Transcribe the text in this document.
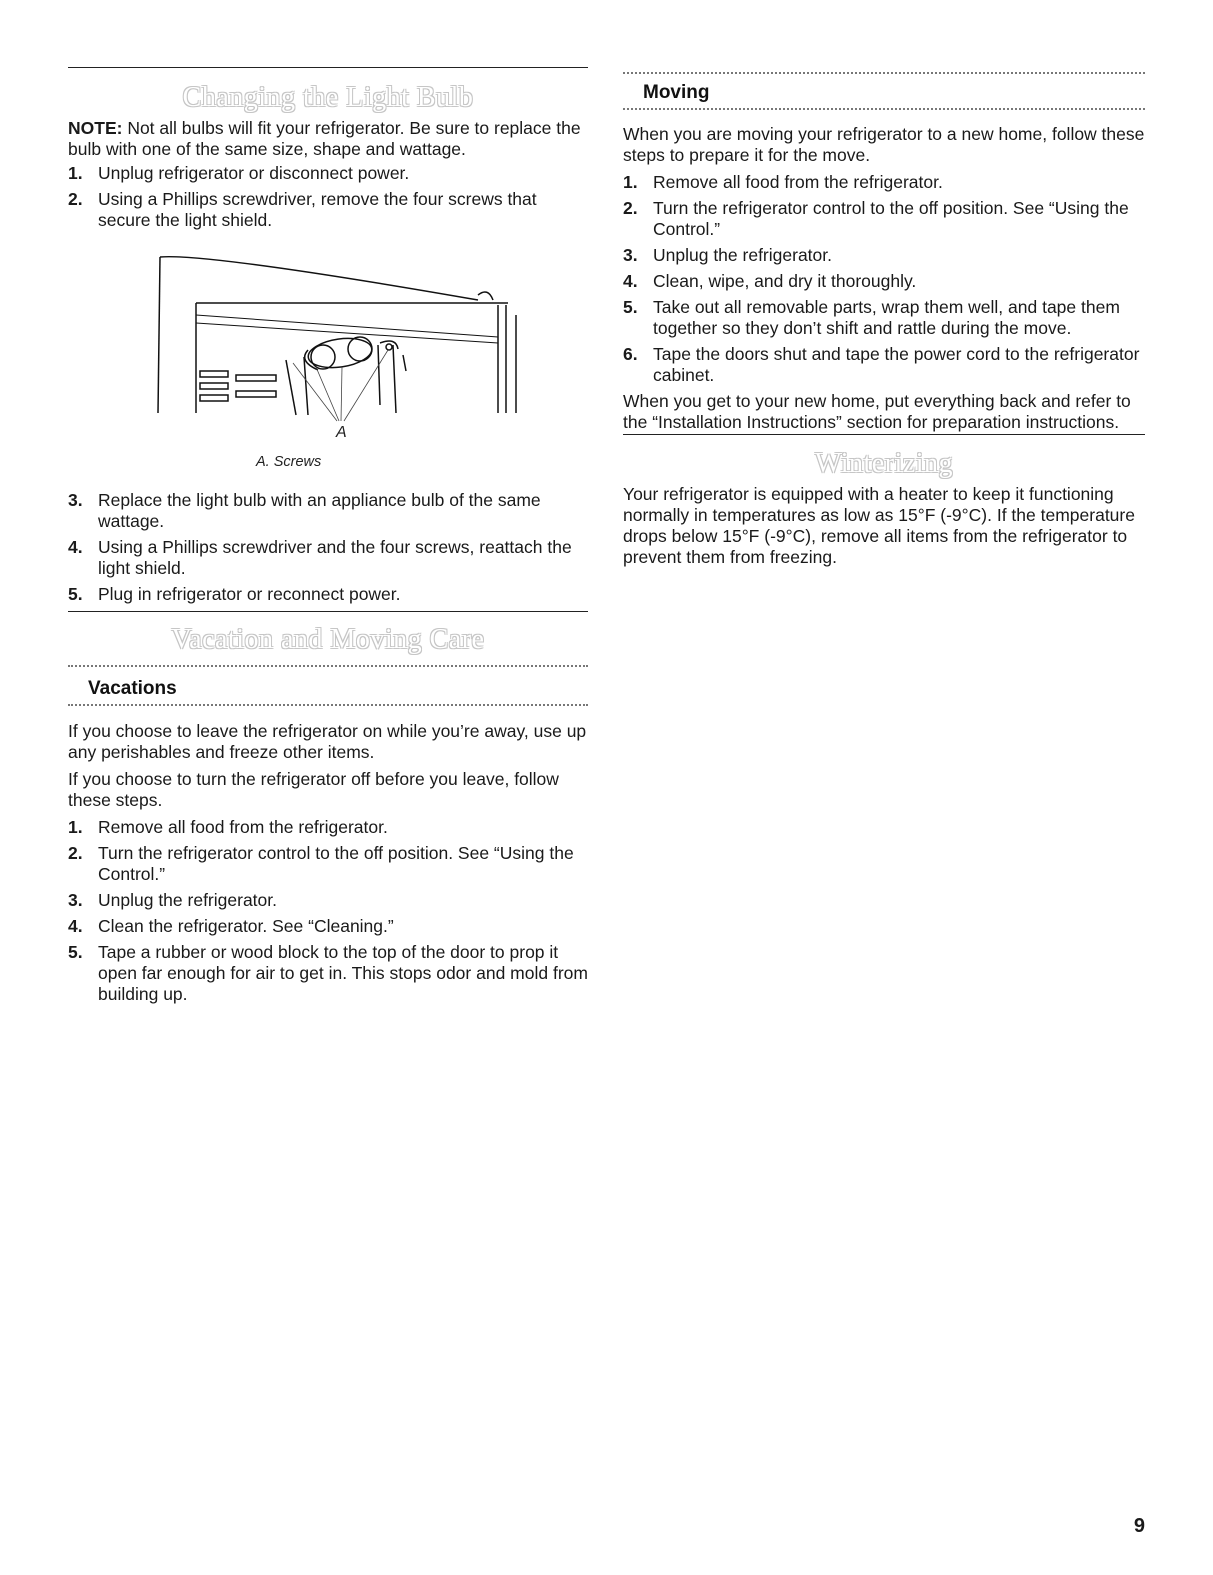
Changing the Light Bulb

NOTE: Not all bulbs will fit your refrigerator. Be sure to replace the bulb with one of the same size, shape and wattage.

1. Unplug refrigerator or disconnect power.
2. Using a Phillips screwdriver, remove the four screws that secure the light shield.
A
A. Screws
3. Replace the light bulb with an appliance bulb of the same wattage.
4. Using a Phillips screwdriver and the four screws, reattach the light shield.
5. Plug in refrigerator or reconnect power.
Vacation and Moving Care
Vacations

If you choose to leave the refrigerator on while you’re away, use up any perishables and freeze other items.

If you choose to turn the refrigerator off before you leave, follow these steps.

1. Remove all food from the refrigerator.
2. Turn the refrigerator control to the off position. See “Using the Control.”
3. Unplug the refrigerator.
4. Clean the refrigerator. See “Cleaning.”
5. Tape a rubber or wood block to the top of the door to prop it open far enough for air to get in. This stops odor and mold from building up.
Moving

When you are moving your refrigerator to a new home, follow these steps to prepare it for the move.

1. Remove all food from the refrigerator.
2. Turn the refrigerator control to the off position. See “Using the Control.”
3. Unplug the refrigerator.
4. Clean, wipe, and dry it thoroughly.
5. Take out all removable parts, wrap them well, and tape them together so they don’t shift and rattle during the move.
6. Tape the doors shut and tape the power cord to the refrigerator cabinet.

When you get to your new home, put everything back and refer to the “Installation Instructions” section for preparation instructions.

Winterizing

Your refrigerator is equipped with a heater to keep it functioning normally in temperatures as low as 15°F (-9°C). If the temperature drops below 15°F (-9°C), remove all items from the refrigerator to prevent them from freezing.

9
